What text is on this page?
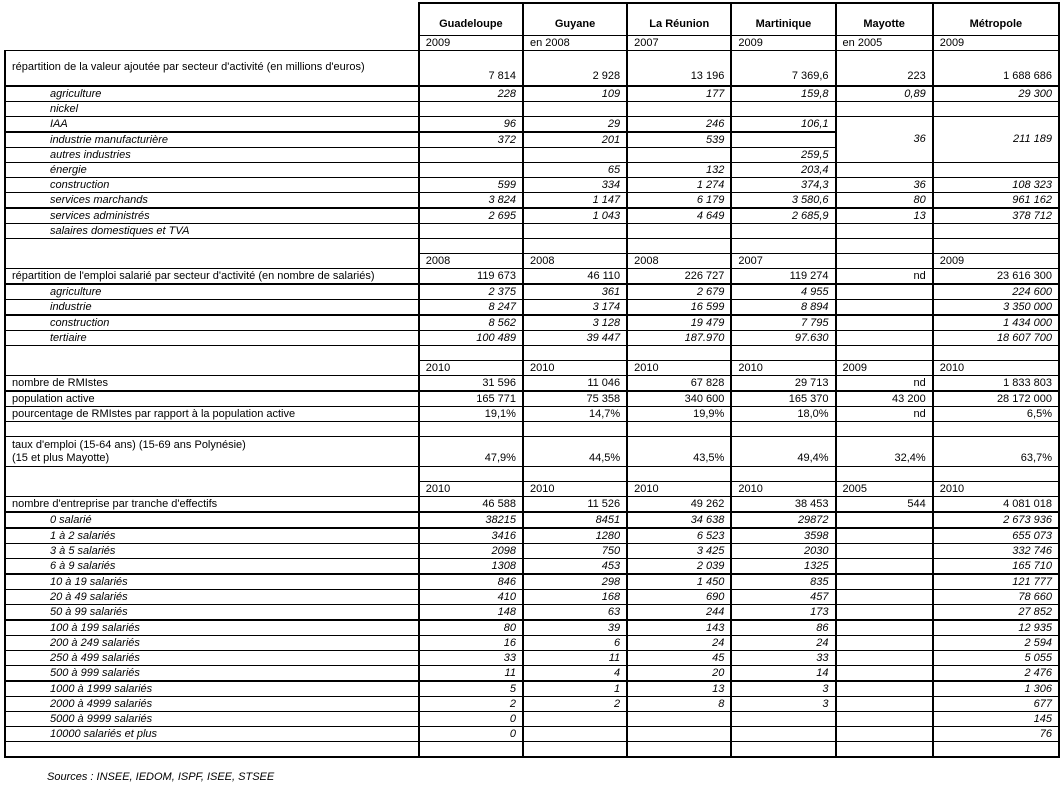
	Guadeloupe	Guyane	La Réunion	Martinique	Mayotte	Métropole
	2009	en 2008	2007	2009	en 2005	2009
répartition de la valeur ajoutée par secteur d'activité (en millions d'euros)	7 814	2 928	13 196	7 369,6	223	1 688 686
agriculture	228	109	177	159,8	0,89	29 300
nickel						
IAA	96	29	246	106,1	36	211 189
industrie manufacturière	372	201	539			
autres industries				259,5		
énergie		65	132	203,4		
construction	599	334	1 274	374,3	36	108 323
services marchands	3 824	1 147	6 179	3 580,6	80	961 162
services administrés	2 695	1 043	4 649	2 685,9	13	378 712
salaires domestiques et TVA						

	2008	2008	2008	2007		2009
répartition de l'emploi salarié par secteur d'activité (en nombre de salariés)	119 673	46 110	226 727	119 274	nd	23 616 300
agriculture	2 375	361	2 679	4 955		224 600
industrie	8 247	3 174	16 599	8 894		3 350 000
construction	8 562	3 128	19 479	7 795		1 434 000
tertiaire	100 489	39 447	187.970	97.630		18 607 700

	2010	2010	2010	2010	2009	2010
nombre de RMIstes	31 596	11 046	67 828	29 713	nd	1 833 803
population active	165 771	75 358	340 600	165 370	43 200	28 172 000
pourcentage de RMIstes par rapport à la population active	19,1%	14,7%	19,9%	18,0%	nd	6,5%

taux d'emploi (15-64 ans) (15-69 ans Polynésie)
(15 et plus Mayotte)	47,9%	44,5%	43,5%	49,4%	32,4%	63,7%

	2010	2010	2010	2010	2005	2010
nombre d'entreprise par tranche d'effectifs	46 588	11 526	49 262	38 453	544	4 081 018
0 salarié	38215	8451	34 638	29872		2 673 936
1 à 2 salariés	3416	1280	6 523	3598		655 073
3 à 5 salariés	2098	750	3 425	2030		332 746
6 à 9 salariés	1308	453	2 039	1325		165 710
10 à 19 salariés	846	298	1 450	835		121 777
20 à 49 salariés	410	168	690	457		78 660
50 à 99 salariés	148	63	244	173		27 852
100 à 199 salariés	80	39	143	86		12 935
200 à 249 salariés	16	6	24	24		2 594
250 à 499 salariés	33	11	45	33		5 055
500 à 999 salariés	11	4	20	14		2 476
1000 à 1999 salariés	5	1	13	3		1 306
2000 à 4999 salariés	2	2	8	3		677
5000 à 9999 salariés	0					145
10000 salariés et plus	0					76

Sources : INSEE, IEDOM, ISPF, ISEE, STSEE
